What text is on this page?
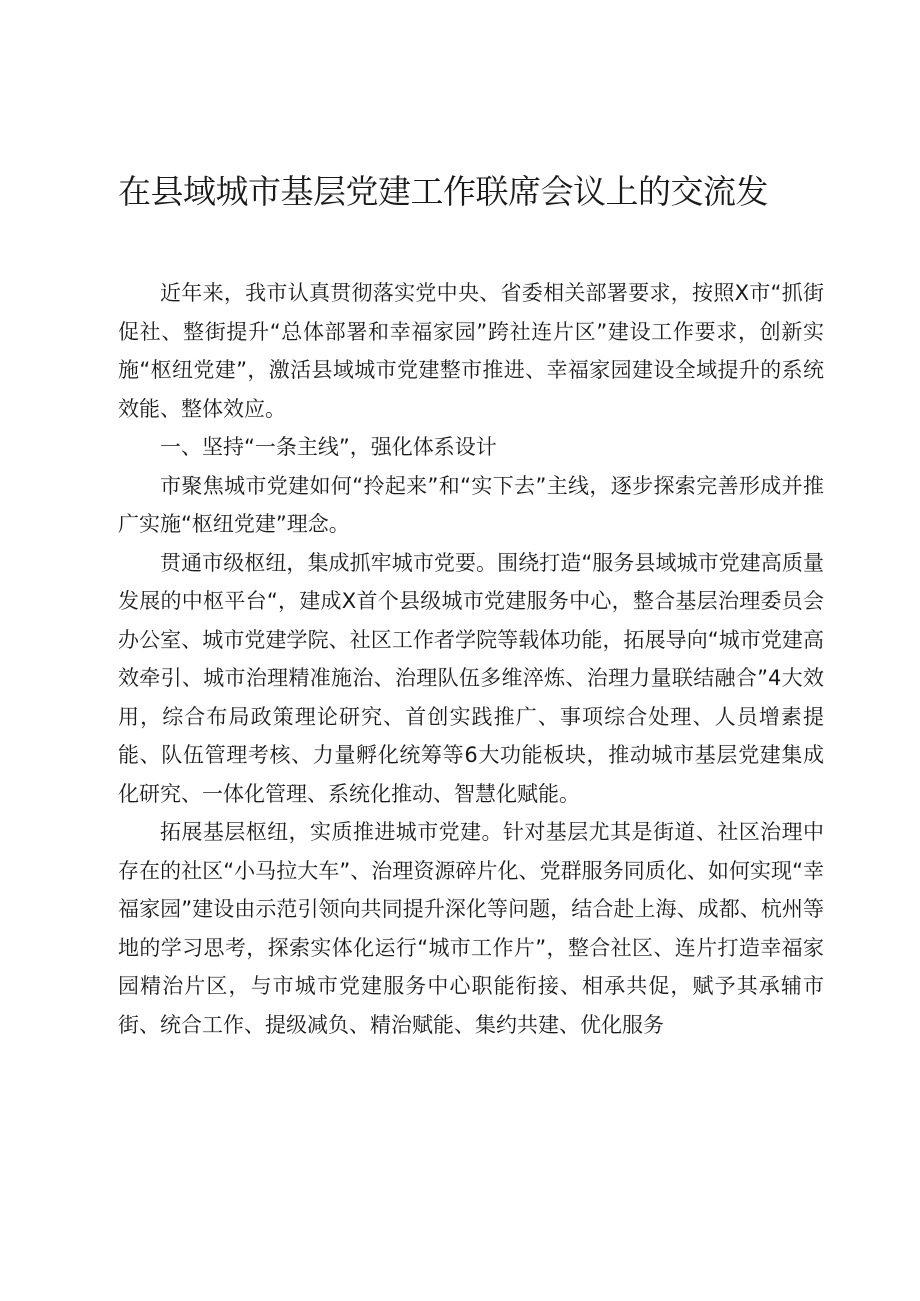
在县域城市基层党建工作联席会议上的交流发

近年来，我市认真贯彻落实党中央、省委相关部署要求，按照X市“抓街促社、整街提升“总体部署和幸福家园”跨社连片区”建设工作要求，创新实施“枢纽党建”，激活县域城市党建整市推进、幸福家园建设全域提升的系统效能、整体效应。

一、坚持“一条主线”，强化体系设计

市聚焦城市党建如何“拎起来”和“实下去”主线，逐步探索完善形成并推广实施“枢纽党建”理念。

贯通市级枢纽，集成抓牢城市党要。围绕打造“服务县域城市党建高质量发展的中枢平台“，建成X首个县级城市党建服务中心，整合基层治理委员会办公室、城市党建学院、社区工作者学院等载体功能，拓展导向“城市党建高效牵引、城市治理精准施治、治理队伍多维淬炼、治理力量联结融合”4大效用，综合布局政策理论研究、首创实践推广、事项综合处理、人员增素提能、队伍管理考核、力量孵化统筹等6大功能板块，推动城市基层党建集成化研究、一体化管理、系统化推动、智慧化赋能。

拓展基层枢纽，实质推进城市党建。针对基层尤其是街道、社区治理中存在的社区“小马拉大车”、治理资源碎片化、党群服务同质化、如何实现“幸福家园”建设由示范引领向共同提升深化等问题，结合赴上海、成都、杭州等地的学习思考，探索实体化运行“城市工作片”，整合社区、连片打造幸福家园精治片区，与市城市党建服务中心职能衔接、相承共促，赋予其承辅市街、统合工作、提级减负、精治赋能、集约共建、优化服务
